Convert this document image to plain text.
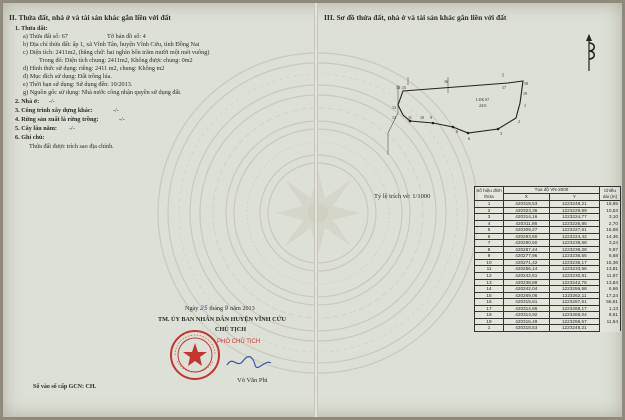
II. Thửa đất, nhà ở và tài sản khác gắn liền với đất
1. Thửa đất:
a) Thửa đất số: 67	Tờ bản đồ số: 4
b) Địa chỉ thửa đất: ấp 1, xã Vĩnh Tân, huyện Vĩnh Cửu, tỉnh Đồng Nai
c) Diện tích: 2411m2, (bằng chữ: hai nghìn bốn trăm mười một mét vuông)
Trong đó: Diện tích chung: 2411m2, Không được chung: 0m2
d) Hình thức sử dụng: riêng: 2411 m2, chung: Không m2
đ) Mục đích sử dụng: Đất trồng lúa.
e) Thời hạn sử dụng: Sử dụng đến: 10/2013.
g) Nguồn gốc sử dụng: Nhà nước công nhận quyền sử dụng đất.
2. Nhà ở: -/-
3. Công trình xây dựng khác:	-/-
4. Rừng sản xuất là rừng trồng:	-/-
5. Cây lâu năm: -/-
6. Ghi chú:
Thửa đất được trích sao địa chính.
Ngày 25 tháng 9 năm 2013
TM. ỦY BAN NHÂN DÂN HUYỆN VĨNH CỬU
CHỦ TỊCH
PHÓ CHỦ TỊCH
Võ Văn Phi
Số vào sổ cấp GCN: CH.
III. Sơ đồ thửa đất, nhà ở và tài sản khác gắn liền với đất
17
18
19
1
2
3
6
8
9
10
11
12
13
14 15
16
LUK 67
2411
Tỷ lệ trích vẽ: 1/1000
Số hiệu đỉnh thửa	Tọa độ VN-2000		Chiều dài (m)
	X	Y	
1	420318,53	1223248,21	18,95
2	420323,36	1223229,89	10,53
3	420314,16	1223224,77	3,10
4	420311,86	1223226,85	2,70
5	420309,27	1223227,61	16,58
6	420293,60	1223224,42	14,36
7	420290,60	1223238,58	3,24
8	420287,44	1223239,28	9,87
9	420277,96	1223236,55	6,68
10	420271,42	1223235,17	15,36
11	420256,14	1223233,56	13,81
12	420242,61	1223230,81	11,97
13	420238,88	1223242,75	13,84
14	420242,04	1223256,58	6,66
15	420259,06	1223262,11	17,24
16	420315,61	1223267,61	56,61
17	420314,86	1223269,17	1,13
18	420314,92	1223268,04	8,61
19	420316,49	1223259,57	11,54
1	420318,53	1223248,21	
